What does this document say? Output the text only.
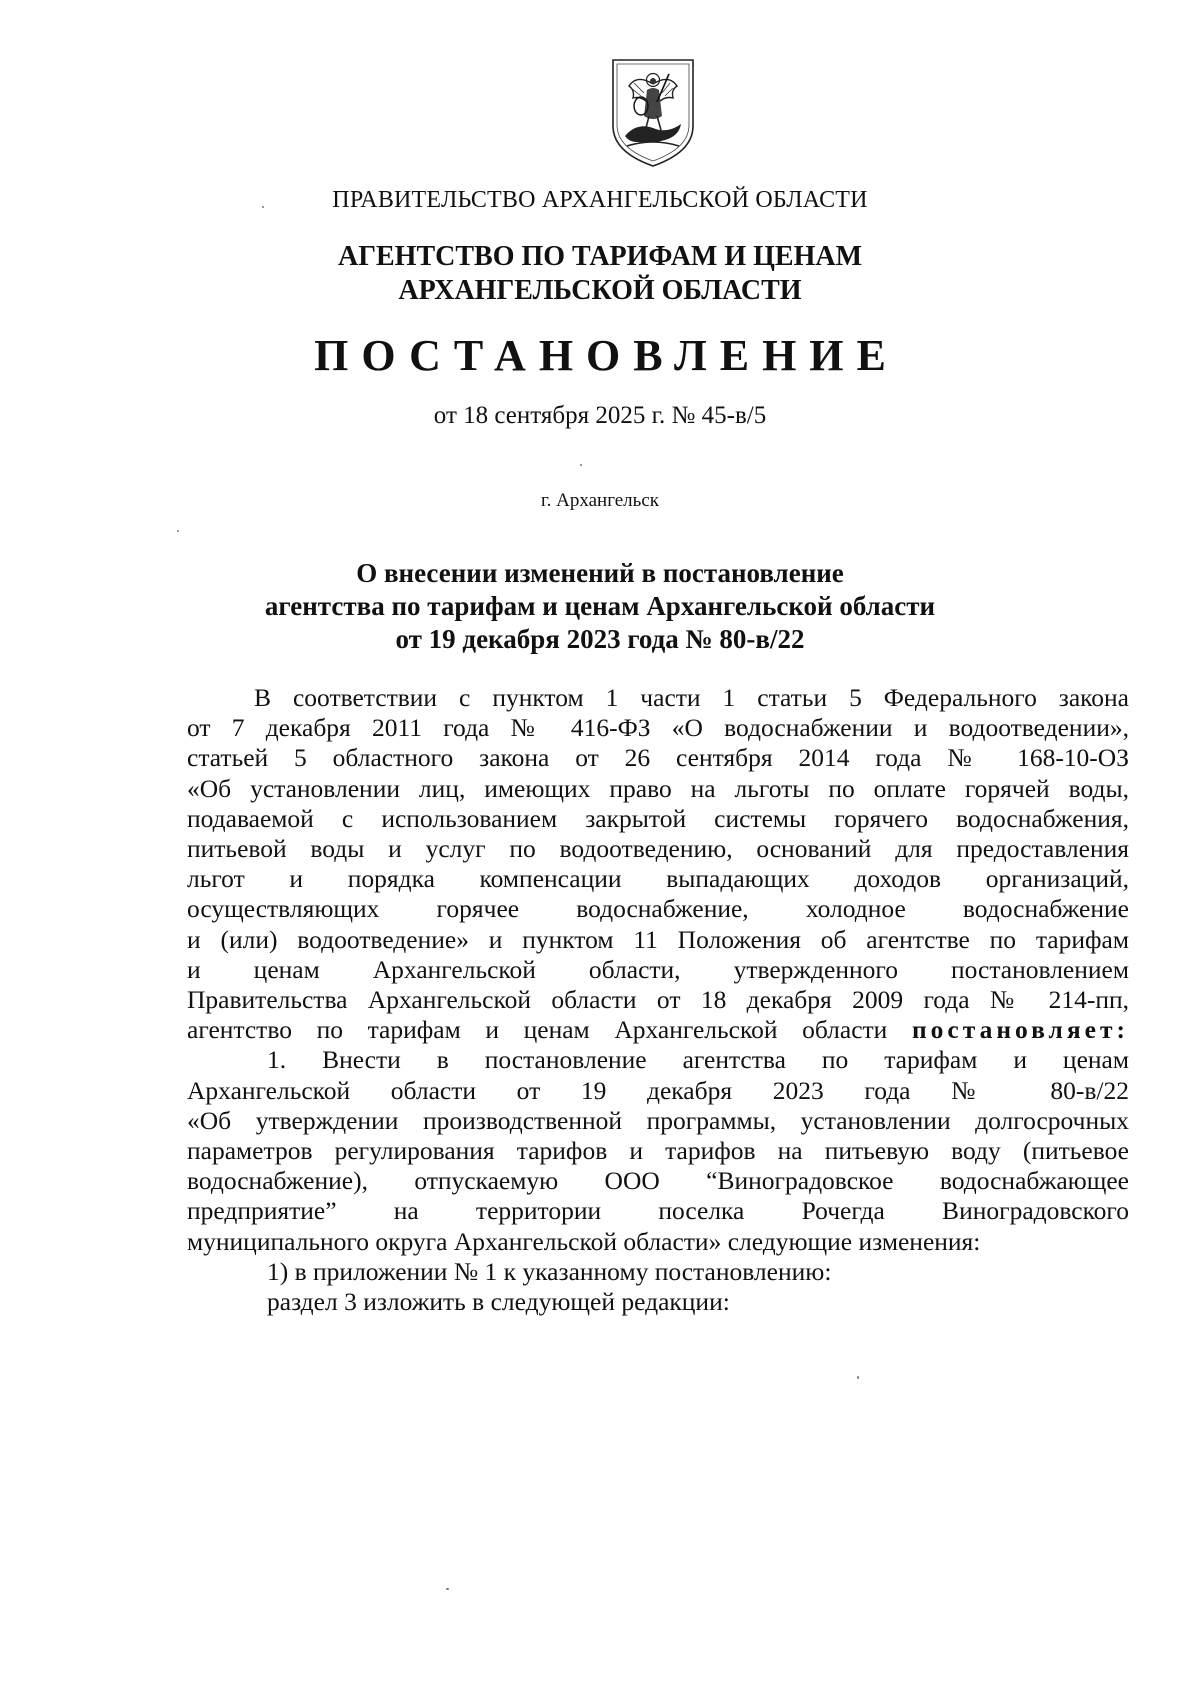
ПРАВИТЕЛЬСТВО АРХАНГЕЛЬСКОЙ ОБЛАСТИ
АГЕНТСТВО ПО ТАРИФАМ И ЦЕНАМ
АРХАНГЕЛЬСКОЙ ОБЛАСТИ
ПОСТАНОВЛЕНИЕ
от 18 сентября 2025 г. № 45-в/5
г. Архангельск
О внесении изменений в постановление
агентства по тарифам и ценам Архангельской области
от 19 декабря 2023 года № 80-в/22

В соответствии с пунктом 1 части 1 статьи 5 Федерального закона

от 7 декабря 2011 года № 416-ФЗ «О водоснабжении и водоотведении»,

статьей 5 областного закона от 26 сентября 2014 года № 168-10-ОЗ

«Об установлении лиц, имеющих право на льготы по оплате горячей воды,

подаваемой с использованием закрытой системы горячего водоснабжения,

питьевой воды и услуг по водоотведению, оснований для предоставления

льгот и порядка компенсации выпадающих доходов организаций,

осуществляющих горячее водоснабжение, холодное водоснабжение

и (или) водоотведение» и пунктом 11 Положения об агентстве по тарифам

и ценам Архангельской области, утвержденного постановлением

Правительства Архангельской области от 18 декабря 2009 года № 214-пп,

агентство по тарифам и ценам Архангельской области постановляет:

1. Внести в постановление агентства по тарифам и ценам

Архангельской области от 19 декабря 2023 года № 80-в/22

«Об утверждении производственной программы, установлении долгосрочных

параметров регулирования тарифов и тарифов на питьевую воду (питьевое

водоснабжение), отпускаемую ООО “Виноградовское водоснабжающее

предприятие” на территории поселка Рочегда Виноградовского

муниципального округа Архангельской области» следующие изменения:

1) в приложении № 1 к указанному постановлению:

раздел 3 изложить в следующей редакции:
